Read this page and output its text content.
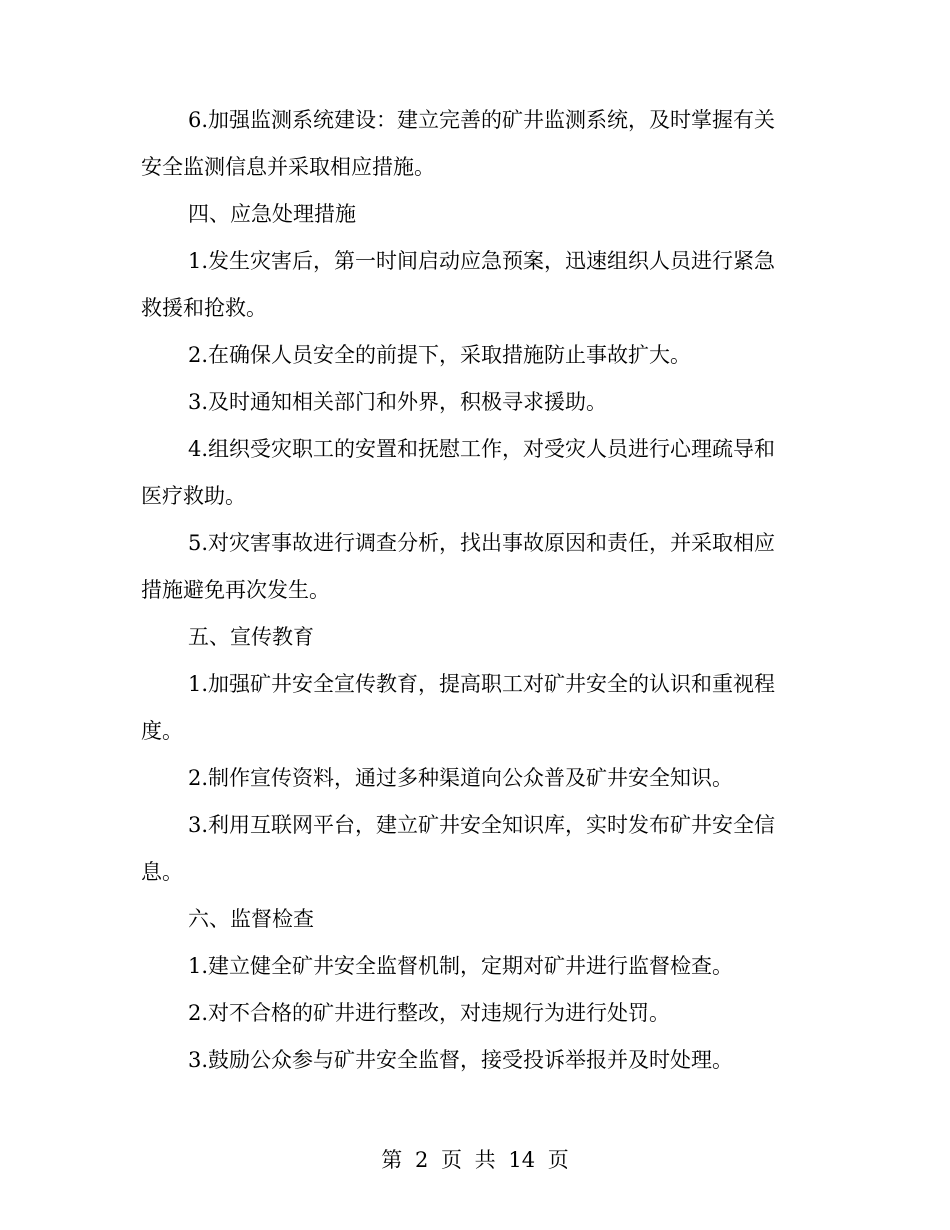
6.加强监测系统建设：建立完善的矿井监测系统，及时掌握有关安全监测信息并采取相应措施。

四、应急处理措施

1.发生灾害后，第一时间启动应急预案，迅速组织人员进行紧急救援和抢救。

2.在确保人员安全的前提下，采取措施防止事故扩大。

3.及时通知相关部门和外界，积极寻求援助。

4.组织受灾职工的安置和抚慰工作，对受灾人员进行心理疏导和医疗救助。

5.对灾害事故进行调查分析，找出事故原因和责任，并采取相应措施避免再次发生。

五、宣传教育

1.加强矿井安全宣传教育，提高职工对矿井安全的认识和重视程度。

2.制作宣传资料，通过多种渠道向公众普及矿井安全知识。

3.利用互联网平台，建立矿井安全知识库，实时发布矿井安全信息。

六、监督检查

1.建立健全矿井安全监督机制，定期对矿井进行监督检查。

2.对不合格的矿井进行整改，对违规行为进行处罚。

3.鼓励公众参与矿井安全监督，接受投诉举报并及时处理。

第 2 页 共 14 页
